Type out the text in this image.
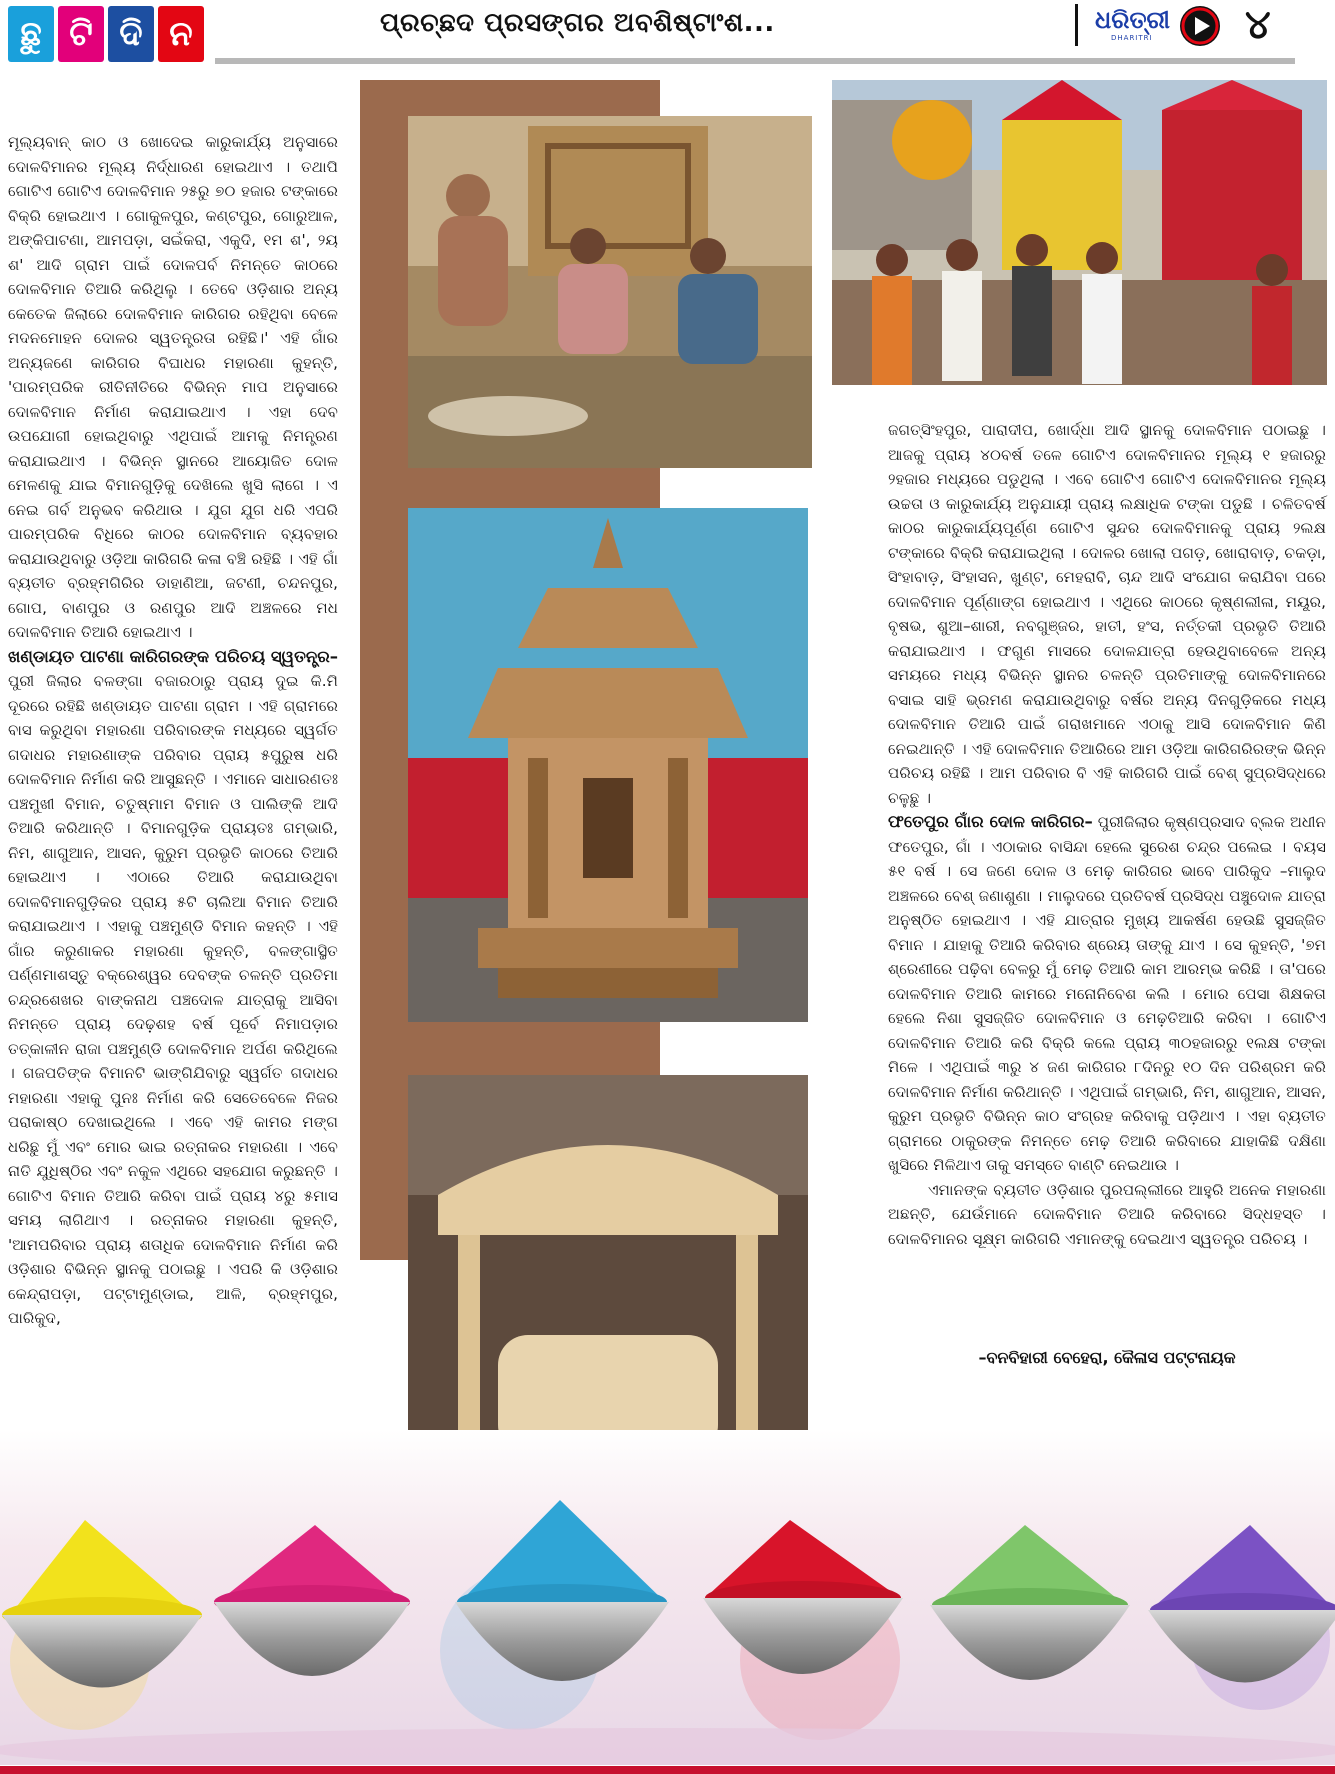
ଛୁ ଟି ଦି ନ	ପ୍ରଚ୍ଛଦ ପ୍ରସଙ୍ଗର ଅବଶିଷ୍ଟାଂଶ...	ଧରିତ୍ରୀ
DHARITRI ୪

ମୂଲ୍ୟବାନ୍ କାଠ ଓ ଖୋଦେଇ କାରୁକାର୍ଯ୍ୟ ଅନୁସାରେ ଦୋଳବିମାନର ମୂଲ୍ୟ ନିର୍ଦ୍ଧାରଣ ହୋଇଥାଏ । ତଥାପି ଗୋଟିଏ ଗୋଟିଏ ଦୋଳବିମାନ ୨୫ରୁ ୭୦ ହଜାର ଟଙ୍କାରେ ବିକ୍ରି ହୋଇଥାଏ । ଗୋକୁଳପୁର, କଣ୍ଟପୁର, ଗୋରୁଆଳ, ଅଙ୍କିପାଟଣା, ଆମପଡ଼ା, ସଇଁକରା, ଏକୁଦି, ୧ମ ଶ', ୨ୟ ଶ' ଆଦି ଗ୍ରାମ ପାଇଁ ଦୋଳପର୍ବ ନିମନ୍ତେ କାଠରେ ଦୋଳବିମାନ ତିଆରି କରିଥିଲୁ । ତେବେ ଓଡ଼ିଶାର ଅନ୍ୟ କେତେକ ଜିଲାରେ ଦୋଳବିମାନ କାରିଗର ରହିଥିବା ବେଳେ ମଦନମୋହନ ଦୋଳର ସ୍ୱତନ୍ତ୍ରତା ରହିଛି।' ଏହି ଗାଁର ଅନ୍ୟଜଣେ କାରିଗର ବିଘାଧର ମହାରଣା କୁହନ୍ତି, 'ପାରମ୍ପରିକ ରୀତିନୀତିରେ ବିଭିନ୍ନ ମାପ ଅନୁସାରେ ଦୋଳବିମାନ ନିର୍ମାଣ କରାଯାଇଥାଏ । ଏହା ଦେବ ଉପଯୋଗୀ ହୋଇଥିବାରୁ ଏଥିପାଇଁ ଆମକୁ ନିମନ୍ତ୍ରଣ କରାଯାଇଥାଏ । ବିଭିନ୍ନ ସ୍ଥାନରେ ଆୟୋଜିତ ଦୋଳ ମେଳଣକୁ ଯାଇ ବିମାନଗୁଡ଼ିକୁ ଦେଖିଲେ ଖୁସି ଲାଗେ । ଏ ନେଇ ଗର୍ବ ଅନୁଭବ କରିଥାଉ । ଯୁଗ ଯୁଗ ଧରି ଏପରି ପାରମ୍ପରିକ ବିଧିରେ କାଠର ଦୋଳବିମାନ ବ୍ୟବହାର କରାଯାଉଥିବାରୁ ଓଡ଼ିଆ କାରିଗରି କଳା ବଞ୍ଚି ରହିଛି । ଏହି ଗାଁ ବ୍ୟତୀତ ବ୍ରହ୍ମଗିରିର ଡାହାଣିଆ, ଜଟଣୀ, ଚନ୍ଦନପୁର, ଗୋପ, ବାଣପୁର ଓ ରଣପୁର ଆଦି ଅଞ୍ଚଳରେ ମଧ ଦୋଳବିମାନ ତିଆରି ହୋଇଥାଏ ।

ଖଣ୍ଡାୟତ ପାଟଣା କାରିଗରଙ୍କ ପରିଚୟ ସ୍ୱତନ୍ତ୍ର– ପୁରୀ ଜିଲାର ବଳଙ୍ଗା ବଜାରଠାରୁ ପ୍ରାୟ ଦୁଇ କି.ମି ଦୂରରେ ରହିଛି ଖଣ୍ଡାୟତ ପାଟଣା ଗ୍ରାମ । ଏହି ଗ୍ରାମରେ ବାସ କରୁଥିବା ମହାରଣା ପରିବାରଙ୍କ ମଧ୍ୟରେ ସ୍ୱର୍ଗତ ଗଦାଧର ମହାରଣାଙ୍କ ପରିବାର ପ୍ରାୟ ୫ପୁରୁଷ ଧରି ଦୋଳବିମାନ ନିର୍ମାଣ କରି ଆସୁଛନ୍ତି । ଏମାନେ ସାଧାରଣତଃ ପଞ୍ଚମୁଖୀ ବିମାନ, ଚତୁଷ୍ମାମ ବିମାନ ଓ ପାଲିଙ୍କି ଆଦି ତିଆରି କରିଥାନ୍ତି । ବିମାନଗୁଡ଼ିକ ପ୍ରାୟତଃ ଗମ୍ଭାରି, ନିମ, ଶାଗୁଆନ, ଆସନ, କୁରୁମ ପ୍ରଭୃତି କାଠରେ ତିଆରି ହୋଇଥାଏ । ଏଠାରେ ତିଆରି କରାଯାଉଥିବା ଦୋଳବିମାନଗୁଡ଼ିକର ପ୍ରାୟ ୫ଟି ଚାଲିଆ ବିମାନ ତିଆରି କରାଯାଇଥାଏ । ଏହାକୁ ପଞ୍ଚମୁଣ୍ଡି ବିମାନ କହନ୍ତି । ଏହି ଗାଁର କରୁଣାକର ମହାରଣା କୁହନ୍ତି, ବଳଙ୍ଗାସ୍ଥିତ ପର୍ଣ୍ଣମାଶସ୍ତୁ ବକ୍ରେଶ୍ୱର ଦେବଙ୍କ ଚଳନ୍ତି ପ୍ରତିମା ଚନ୍ଦ୍ରଶେଖର ବାଙ୍କନାଥ ପଞ୍ଚଦୋଳ ଯାତ୍ରାକୁ ଆସିବା ନିମନ୍ତେ ପ୍ରାୟ ଦେଢ଼ଶହ ବର୍ଷ ପୂର୍ବେ ନିମାପଡ଼ାର ତତ୍କାଳୀନ ରାଜା ପଞ୍ଚମୁଣ୍ଡି ଦୋଳବିମାନ ଅର୍ପଣ କରିଥିଲେ । ଗଜପତିଙ୍କ ବିମାନଟି ଭାଙ୍ଗିଯିବାରୁ ସ୍ୱର୍ଗତ ଗଦାଧର ମହାରଣା ଏହାକୁ ପୁନଃ ନିର୍ମାଣ କରି ସେତେବେଳେ ନିଜର ପରାକାଷ୍ଠ ଦେଖାଇଥିଲେ । ଏବେ ଏହି କାମର ମଙ୍ଗ ଧରିଛୁ ମୁଁ ଏବଂ ମୋର ଭାଇ ରତ୍ନାକର ମହାରଣା । ଏବେ ନାତି ଯୁଧିଷ୍ଠିର ଏବଂ ନକୁଳ ଏଥିରେ ସହଯୋଗ କରୁଛନ୍ତି । ଗୋଟିଏ ବିମାନ ତିଆରି କରିବା ପାଇଁ ପ୍ରାୟ ୪ରୁ ୫ମାସ ସମୟ ଲାଗିଥାଏ । ରତ୍ନାକର ମହାରଣା କୁହନ୍ତି, 'ଆମପରିବାର ପ୍ରାୟ ଶତାଧିକ ଦୋଳବିମାନ ନିର୍ମାଣ କରି ଓଡ଼ିଶାର ବିଭିନ୍ନ ସ୍ଥାନକୁ ପଠାଇଛୁ । ଏପରି କି ଓଡ଼ିଶାର କେନ୍ଦ୍ରାପଡ଼ା, ପଟ୍ଟାମୁଣ୍ଡାଇ, ଆଳି, ବ୍ରହ୍ମପୁର, ପାରିକୁଦ,

ଜଗତ୍‌ସିଂହପୁର, ପାରାଦୀପ, ଖୋର୍ଦ୍ଧା ଆଦି ସ୍ଥାନକୁ ଦୋଳବିମାନ ପଠାଇଛୁ । ଆଜକୁ ପ୍ରାୟ ୪୦ବର୍ଷ ତଳେ ଗୋଟିଏ ଦୋଳବିମାନର ମୂଲ୍ୟ ୧ ହଜାରରୁ ୨ହଜାର ମଧ୍ୟରେ ପଡୁଥିଲା । ଏବେ ଗୋଟିଏ ଗୋଟିଏ ଦୋଳବିମାନର ମୂଲ୍ୟ ଉଚ୍ଚତା ଓ କାରୁକାର୍ଯ୍ୟ ଅନୁଯାୟୀ ପ୍ରାୟ ଲକ୍ଷାଧିକ ଟଙ୍କା ପଡୁଛି । ଚଳିତବର୍ଷ କାଠର କାରୁକାର୍ଯ୍ୟପୂର୍ଣ୍ଣ ଗୋଟିଏ ସୁନ୍ଦର ଦୋଳବିମାନକୁ ପ୍ରାୟ ୨ଲକ୍ଷ ଟଙ୍କାରେ ବିକ୍ରି କରାଯାଇଥିଲା । ଦୋଳର ଖୋଲା ପଗଡ଼, ଖୋରାବାଡ଼, ଚକଡ଼ା, ସିଂହାବାଡ଼, ସିଂହାସନ, ଖୁଣ୍ଟ, ମେହରାବି, ଚାନ୍ଦ ଆଦି ସଂଯୋଗ କରାଯିବା ପରେ ଦୋଳବିମାନ ପୂର୍ଣ୍ଣାଙ୍ଗ ହୋଇଥାଏ । ଏଥିରେ କାଠରେ କୃଷ୍ଣଲୀଳା, ମୟୂର, ବୃଷଭ, ଶୁଆ–ଶାରୀ, ନବଗୁଞ୍ଜର, ହାତୀ, ହଂସ, ନର୍ତ୍ତକୀ ପ୍ରଭୃତି ତିଆରି କରାଯାଇଥାଏ । ଫଗୁଣ ମାସରେ ଦୋଳଯାତ୍ରା ହେଉଥିବାବେଳେ ଅନ୍ୟ ସମୟରେ ମଧ୍ୟ ବିଭିନ୍ନ ସ୍ଥାନର ଚଳନ୍ତି ପ୍ରତିମାଙ୍କୁ ଦୋଳବିମାନରେ ବସାଇ ସାହି ଭ୍ରମଣ କରାଯାଉଥିବାରୁ ବର୍ଷର ଅନ୍ୟ ଦିନଗୁଡ଼ିକରେ ମଧ୍ୟ ଦୋଳବିମାନ ତିଆରି ପାଇଁ ଗରାଖମାନେ ଏଠାକୁ ଆସି ଦୋଳବିମାନ କିଣି ନେଇଥାନ୍ତି । ଏହି ଦୋଳବିମାନ ତିଆରିରେ ଆମ ଓଡ଼ିଆ କାରିଗରିରଙ୍କ ଭିନ୍ନ ପରିଚୟ ରହିଛି । ଆମ ପରିବାର ବି ଏହି କାରିଗରି ପାଇଁ ବେଶ୍ ସୁପ୍ରସିଦ୍ଧରେ ଚଳୁଛୁ ।

ଫତେପୁର ଗାଁର ଦୋଳ କାରିଗର– ପୁରୀଜିଲାର କୃଷ୍ଣପ୍ରସାଦ ବ୍ଲକ ଅଧୀନ ଫତେପୁର, ଗାଁ । ଏଠାକାର ବାସିନ୍ଦା ହେଲେ ସୁରେଶ ଚନ୍ଦ୍ର ପଲେଇ । ବୟସ ୫୧ ବର୍ଷ । ସେ ଜଣେ ଦୋଳ ଓ ମେଢ଼ କାରିଗର ଭାବେ ପାରିକୁଦ –ମାଲୁଦ ଅଞ୍ଚଳରେ ବେଶ୍ ଜଣାଶୁଣା । ମାଲୁଦରେ ପ୍ରତିବର୍ଷ ପ୍ରସିଦ୍ଧ ପଞ୍ଚୁଦୋଳ ଯାତ୍ରା ଅନୁଷ୍ଠିତ ହୋଇଥାଏ । ଏହି ଯାତ୍ରାର ମୁଖ୍ୟ ଆକର୍ଷଣ ହେଉଛି ସୁସଜ୍ଜିତ ବିମାନ । ଯାହାକୁ ତିଆରି କରିବାର ଶ୍ରେୟ ତାଙ୍କୁ ଯାଏ । ସେ କୁହନ୍ତି, '୭ମ ଶ୍ରେଣୀରେ ପଢ଼ିବା ବେଳରୁ ମୁଁ ମେଢ଼ ତିଆରି କାମ ଆରମ୍ଭ କରିଛି । ତା'ପରେ ଦୋଳବିମାନ ତିଆରି କାମରେ ମନୋନିବେଶ କଲି । ମୋର ପେସା ଶିକ୍ଷକତା ହେଲେ ନିଶା ସୁସଜ୍ଜିତ ଦୋଳବିମାନ ଓ ମେଢ଼ତିଆରି କରିବା । ଗୋଟିଏ ଦୋଳବିମାନ ତିଆରି କରି ବିକ୍ରି କଲେ ପ୍ରାୟ ୩୦ହଜାରରୁ ୧ଲକ୍ଷ ଟଙ୍କା ମିଳେ । ଏଥିପାଇଁ ୩ରୁ ୪ ଜଣ କାରିଗର ୮ଦିନରୁ ୧୦ ଦିନ ପରିଶ୍ରମ କରି ଦୋଳବିମାନ ନିର୍ମାଣ କରିଥାନ୍ତି । ଏଥିପାଇଁ ଗମ୍ଭାରି, ନିମ, ଶାଗୁଆନ, ଆସନ, କୁରୁମ ପ୍ରଭୃତି ବିଭିନ୍ନ କାଠ ସଂଗ୍ରହ କରିବାକୁ ପଡ଼ିଥାଏ । ଏହା ବ୍ୟତୀତ ଗ୍ରାମରେ ଠାକୁରଙ୍କ ନିମନ୍ତେ ମେଢ଼ ତିଆରି କରିବାରେ ଯାହାକିଛି ଦକ୍ଷିଣା ଖୁସିରେ ମିଳିଥାଏ ତାକୁ ସମସ୍ତେ ବାଣ୍ଟି ନେଇଥାଉ ।

ଏମାନଙ୍କ ବ୍ୟତୀତ ଓଡ଼ିଶାର ପୁରପଲ୍ଲୀରେ ଆହୁରି ଅନେକ ମହାରଣା ଅଛନ୍ତି, ଯେଉଁମାନେ ଦୋଳବିମାନ ତିଆରି କରିବାରେ ସିଦ୍ଧହସ୍ତ । ଦୋଳବିମାନର ସୂକ୍ଷ୍ମ କାରିଗରି ଏମାନଙ୍କୁ ଦେଇଥାଏ ସ୍ୱତନ୍ତ୍ର ପରିଚୟ ।

–ବନବିହାରୀ ବେହେରା, କୈଳାସ ପଟ୍ଟନାୟକ
